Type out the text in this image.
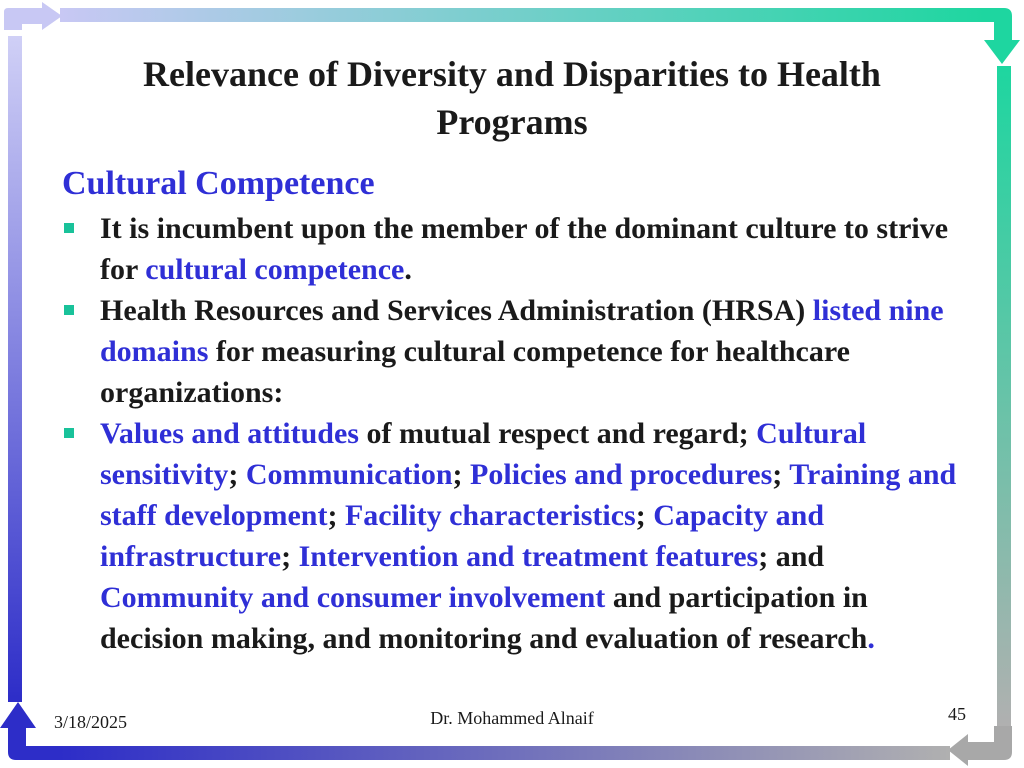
Relevance of Diversity and Disparities to Health Programs
Cultural Competence
It is incumbent upon the member of the dominant culture to strive for cultural competence.
Health Resources and Services Administration (HRSA) listed nine domains for measuring cultural competence for healthcare organizations:
Values and attitudes of mutual respect and regard; Cultural sensitivity; Communication; Policies and procedures; Training and staff development; Facility characteristics; Capacity and infrastructure; Intervention and treatment features; and Community and consumer involvement and participation in decision making, and monitoring and evaluation of research.
3/18/2025	Dr. Mohammed Alnaif	45
